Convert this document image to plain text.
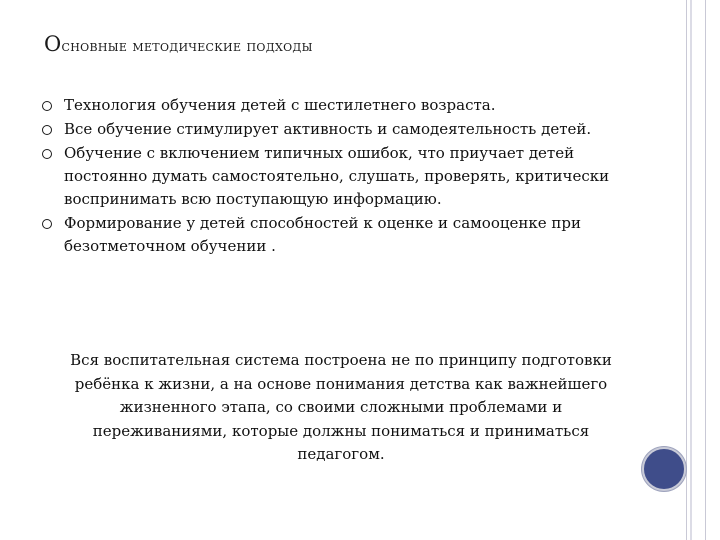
Основные методические подходы
Технология обучения детей с шестилетнего возраста.
Все обучение стимулирует активность и самодеятельность детей.
Обучение с включением типичных ошибок, что приучает детей постоянно думать самостоятельно, слушать, проверять, критически воспринимать всю поступающую информацию.
Формирование у детей способностей к оценке и самооценке при безотметочном обучении .

Вся воспитательная система построена не по принципу подготовки ребёнка к жизни, а на основе понимания детства как важнейшего жизненного этапа, со своими сложными проблемами и переживаниями, которые должны пониматься и приниматься педагогом.
